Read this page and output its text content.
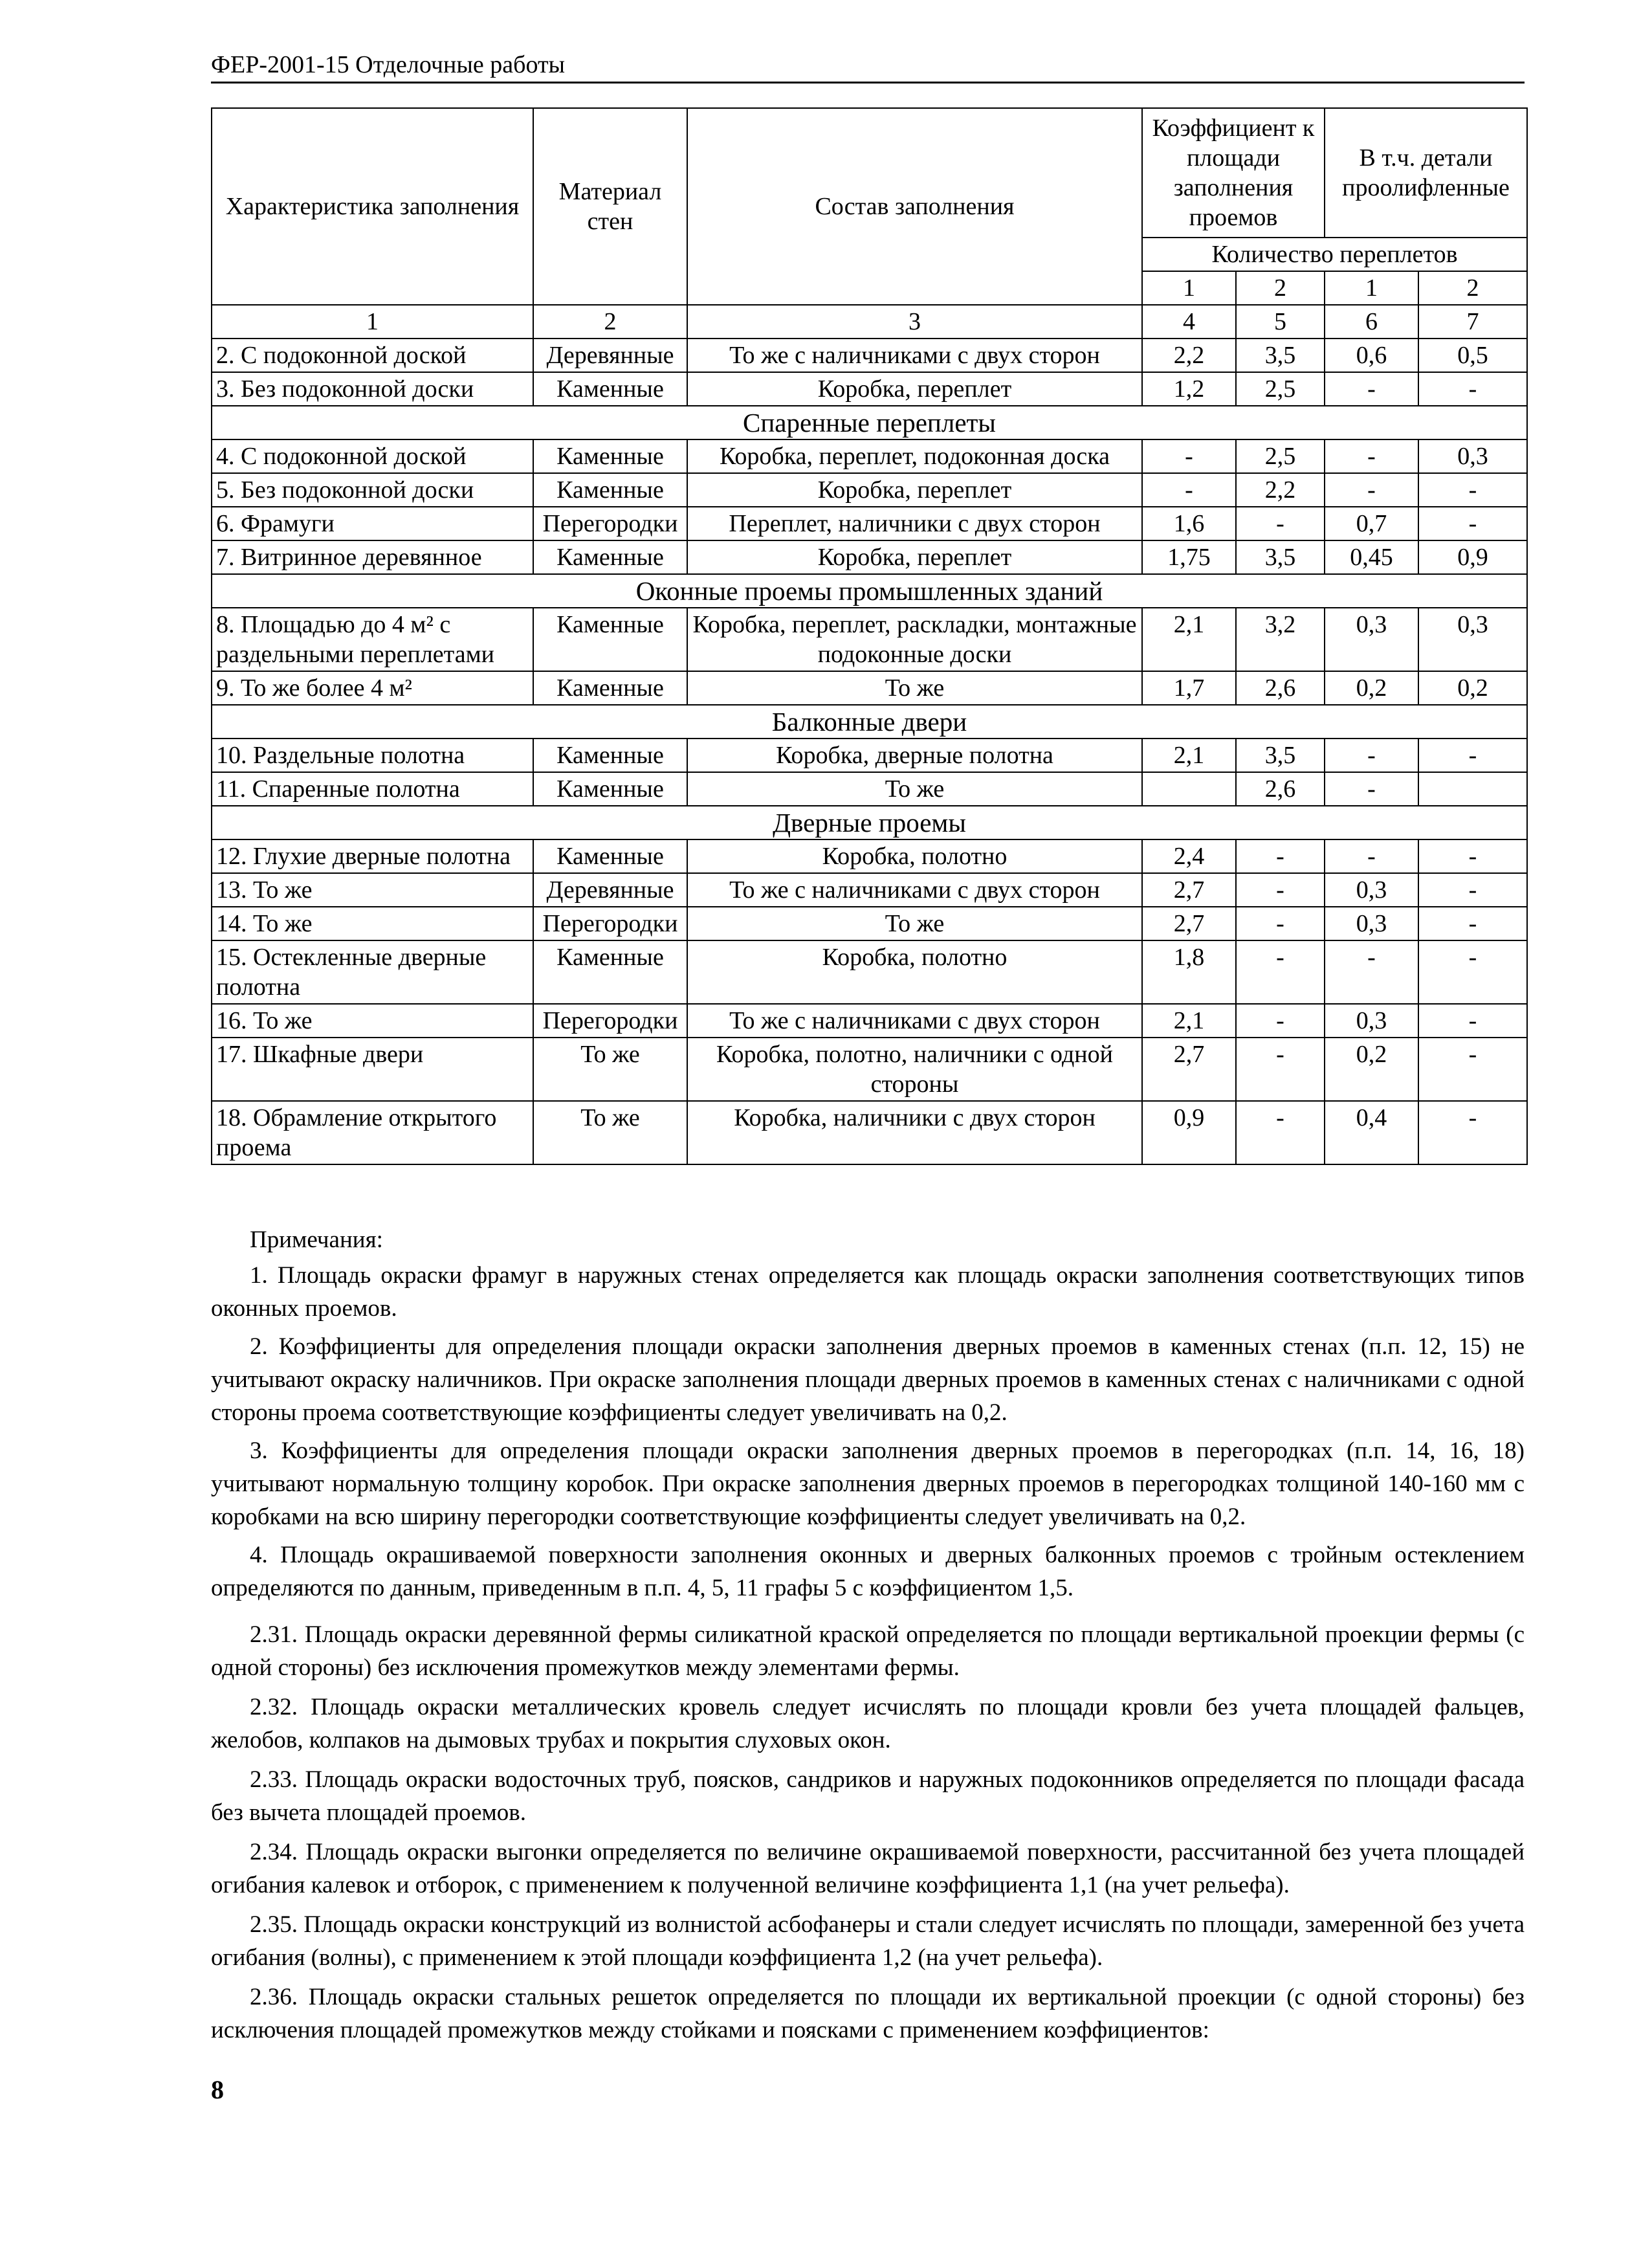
ФЕР-2001-15 Отделочные работы
Характеристика заполнения	Материал стен	Состав заполнения	Коэффициент к площади заполнения проемов		В т.ч. детали проолифленные	
			Количество переплетов			
			1	2	1	2
1	2	3	4	5	6	7
2. С подоконной доской	Деревянные	То же с наличниками с двух сторон	2,2	3,5	0,6	0,5
3. Без подоконной доски	Каменные	Коробка, переплет	1,2	2,5	-	-
Спаренные переплеты						
4. С подоконной доской	Каменные	Коробка, переплет, подоконная доска	-	2,5	-	0,3
5. Без подоконной доски	Каменные	Коробка, переплет	-	2,2	-	-
6. Фрамуги	Перегородки	Переплет, наличники с двух сторон	1,6	-	0,7	-
7. Витринное деревянное	Каменные	Коробка, переплет	1,75	3,5	0,45	0,9
Оконные проемы промышленных зданий						
8. Площадью до 4 м² с раздельными переплетами	Каменные	Коробка, переплет, раскладки, монтажные подоконные доски	2,1	3,2	0,3	0,3
9. То же более 4 м²	Каменные	То же	1,7	2,6	0,2	0,2
Балконные двери						
10. Раздельные полотна	Каменные	Коробка, дверные полотна	2,1	3,5	-	-
11. Спаренные полотна	Каменные	То же		2,6	-	
Дверные проемы						
12. Глухие дверные полотна	Каменные	Коробка, полотно	2,4	-	-	-
13. То же	Деревянные	То же с наличниками с двух сторон	2,7	-	0,3	-
14. То же	Перегородки	То же	2,7	-	0,3	-
15. Остекленные дверные полотна	Каменные	Коробка, полотно	1,8	-	-	-
16. То же	Перегородки	То же с наличниками с двух сторон	2,1	-	0,3	-
17. Шкафные двери	То же	Коробка, полотно, наличники с одной стороны	2,7	-	0,2	-
18. Обрамление открытого проема	То же	Коробка, наличники с двух сторон	0,9	-	0,4	-

Примечания:

1. Площадь окраски фрамуг в наружных стенах определяется как площадь окраски заполнения соответствующих типов оконных проемов.

2. Коэффициенты для определения площади окраски заполнения дверных проемов в каменных стенах (п.п. 12, 15) не учитывают окраску наличников. При окраске заполнения площади дверных проемов в каменных стенах с наличниками с одной стороны проема соответствующие коэффициенты следует увеличивать на 0,2.

3. Коэффициенты для определения площади окраски заполнения дверных проемов в перегородках (п.п. 14, 16, 18) учитывают нормальную толщину коробок. При окраске заполнения дверных проемов в перегородках толщиной 140-160 мм с коробками на всю ширину перегородки соответствующие коэффициенты следует увеличивать на 0,2.

4. Площадь окрашиваемой поверхности заполнения оконных и дверных балконных проемов с тройным остеклением определяются по данным, приведенным в п.п. 4, 5, 11 графы 5 с коэффициентом 1,5.

2.31. Площадь окраски деревянной фермы силикатной краской определяется по площади вертикальной проекции фермы (с одной стороны) без исключения промежутков между элементами фермы.

2.32. Площадь окраски металлических кровель следует исчислять по площади кровли без учета площадей фальцев, желобов, колпаков на дымовых трубах и покрытия слуховых окон.

2.33. Площадь окраски водосточных труб, поясков, сандриков и наружных подоконников определяется по площади фасада без вычета площадей проемов.

2.34. Площадь окраски выгонки определяется по величине окрашиваемой поверхности, рассчитанной без учета площадей огибания калевок и отборок, с применением к полученной величине коэффициента 1,1 (на учет рельефа).

2.35. Площадь окраски конструкций из волнистой асбофанеры и стали следует исчислять по площади, замеренной без учета огибания (волны), с применением к этой площади коэффициента 1,2 (на учет рельефа).

2.36. Площадь окраски стальных решеток определяется по площади их вертикальной проекции (с одной стороны) без исключения площадей промежутков между стойками и поясками с применением коэффициентов:

8
